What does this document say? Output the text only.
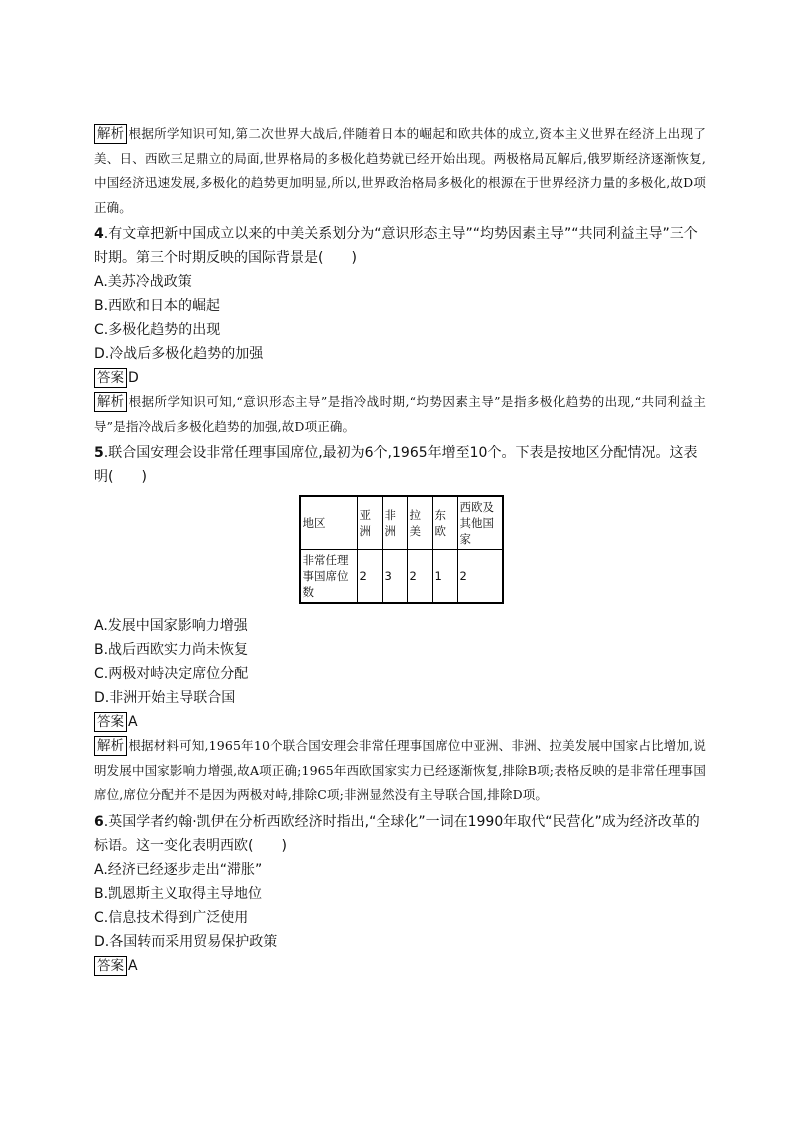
解析 根据所学知识可知,第二次世界大战后,伴随着日本的崛起和欧共体的成立,资本主义世界在经济上出现了美、日、西欧三足鼎立的局面,世界格局的多极化趋势就已经开始出现。两极格局瓦解后,俄罗斯经济逐渐恢复,中国经济迅速发展,多极化的趋势更加明显,所以,世界政治格局多极化的根源在于世界经济力量的多极化,故D项正确。

4.有文章把新中国成立以来的中美关系划分为“意识形态主导”“均势因素主导”“共同利益主导”三个时期。第三个时期反映的国际背景是(　　)

A.美苏冷战政策

B.西欧和日本的崛起

C.多极化趋势的出现

D.冷战后多极化趋势的加强

答案 D

解析 根据所学知识可知,“意识形态主导”是指冷战时期,“均势因素主导”是指多极化趋势的出现,“共同利益主导”是指冷战后多极化趋势的加强,故D项正确。

5.联合国安理会设非常任理事国席位,最初为6个,1965年增至10个。下表是按地区分配情况。这表明(　　)

地区	亚洲	非洲	拉美	东欧	西欧及其他国家
非常任理事国席位数	2	3	2	1	2

A.发展中国家影响力增强

B.战后西欧实力尚未恢复

C.两极对峙决定席位分配

D.非洲开始主导联合国

答案 A

解析 根据材料可知,1965年10个联合国安理会非常任理事国席位中亚洲、非洲、拉美发展中国家占比增加,说明发展中国家影响力增强,故A项正确;1965年西欧国家实力已经逐渐恢复,排除B项;表格反映的是非常任理事国席位,席位分配并不是因为两极对峙,排除C项;非洲显然没有主导联合国,排除D项。

6.英国学者约翰·凯伊在分析西欧经济时指出,“全球化”一词在1990年取代“民营化”成为经济改革的标语。这一变化表明西欧(　　)

A.经济已经逐步走出“滞胀”

B.凯恩斯主义取得主导地位

C.信息技术得到广泛使用

D.各国转而采用贸易保护政策

答案 A
